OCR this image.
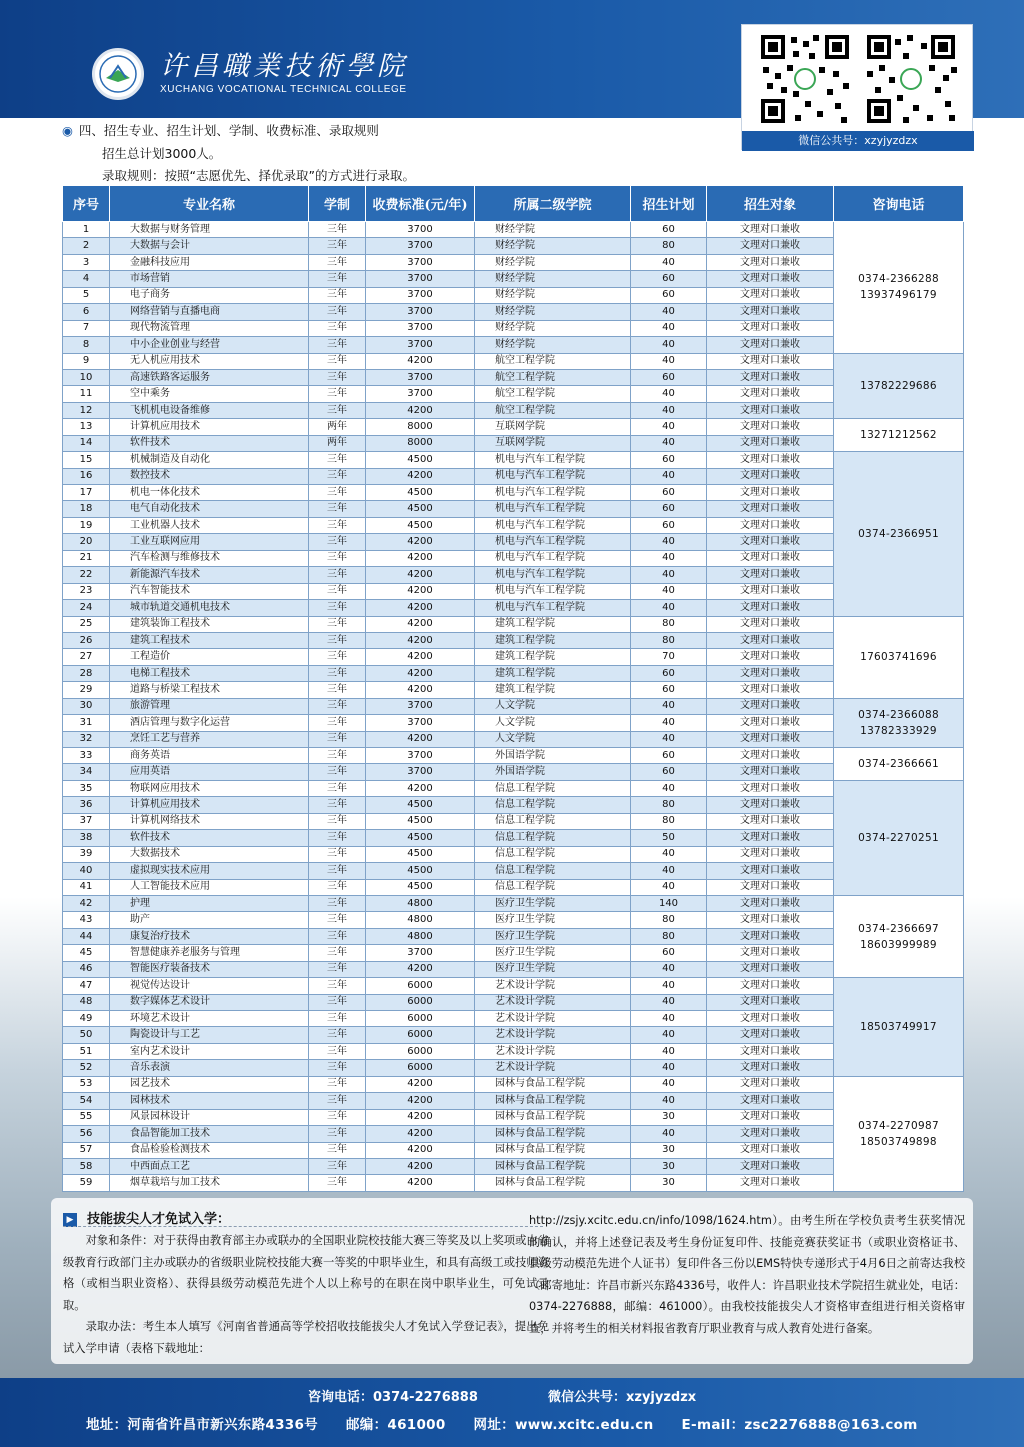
许昌職業技術學院
XUCHANG VOCATIONAL TECHNICAL COLLEGE
微信公共号：xzyjyzdzx
◉ 四、招生专业、招生计划、学制、收费标准、录取规则
招生总计划3000人。
录取规则：按照“志愿优先、择优录取”的方式进行录取。
序号	专业名称	学制	收费标准(元/年)	所属二级学院	招生计划	招生对象	咨询电话
1	大数据与财务管理	三年	3700	财经学院	60	文理对口兼收	0374-2366288
13937496179

2	大数据与会计	三年	3700	财经学院	80	文理对口兼收	
3	金融科技应用	三年	3700	财经学院	40	文理对口兼收	
4	市场营销	三年	3700	财经学院	60	文理对口兼收	
5	电子商务	三年	3700	财经学院	60	文理对口兼收	
6	网络营销与直播电商	三年	3700	财经学院	40	文理对口兼收	
7	现代物流管理	三年	3700	财经学院	40	文理对口兼收	
8	中小企业创业与经营	三年	3700	财经学院	40	文理对口兼收	
9	无人机应用技术	三年	4200	航空工程学院	40	文理对口兼收	13782229686

10	高速铁路客运服务	三年	3700	航空工程学院	60	文理对口兼收	
11	空中乘务	三年	3700	航空工程学院	40	文理对口兼收	
12	飞机机电设备维修	三年	4200	航空工程学院	40	文理对口兼收	
13	计算机应用技术	两年	8000	互联网学院	40	文理对口兼收	13271212562

14	软件技术	两年	8000	互联网学院	40	文理对口兼收	
15	机械制造及自动化	三年	4500	机电与汽车工程学院	60	文理对口兼收	0374-2366951

16	数控技术	三年	4200	机电与汽车工程学院	40	文理对口兼收	
17	机电一体化技术	三年	4500	机电与汽车工程学院	60	文理对口兼收	
18	电气自动化技术	三年	4500	机电与汽车工程学院	60	文理对口兼收	
19	工业机器人技术	三年	4500	机电与汽车工程学院	60	文理对口兼收	
20	工业互联网应用	三年	4200	机电与汽车工程学院	40	文理对口兼收	
21	汽车检测与维修技术	三年	4200	机电与汽车工程学院	40	文理对口兼收	
22	新能源汽车技术	三年	4200	机电与汽车工程学院	40	文理对口兼收	
23	汽车智能技术	三年	4200	机电与汽车工程学院	40	文理对口兼收	
24	城市轨道交通机电技术	三年	4200	机电与汽车工程学院	40	文理对口兼收	
25	建筑装饰工程技术	三年	4200	建筑工程学院	80	文理对口兼收	17603741696

26	建筑工程技术	三年	4200	建筑工程学院	80	文理对口兼收	
27	工程造价	三年	4200	建筑工程学院	70	文理对口兼收	
28	电梯工程技术	三年	4200	建筑工程学院	60	文理对口兼收	
29	道路与桥梁工程技术	三年	4200	建筑工程学院	60	文理对口兼收	
30	旅游管理	三年	3700	人文学院	40	文理对口兼收	0374-2366088
13782333929

31	酒店管理与数字化运营	三年	3700	人文学院	40	文理对口兼收	
32	烹饪工艺与营养	三年	4200	人文学院	40	文理对口兼收	
33	商务英语	三年	3700	外国语学院	60	文理对口兼收	0374-2366661

34	应用英语	三年	3700	外国语学院	60	文理对口兼收	
35	物联网应用技术	三年	4200	信息工程学院	40	文理对口兼收	0374-2270251

36	计算机应用技术	三年	4500	信息工程学院	80	文理对口兼收	
37	计算机网络技术	三年	4500	信息工程学院	80	文理对口兼收	
38	软件技术	三年	4500	信息工程学院	50	文理对口兼收	
39	大数据技术	三年	4500	信息工程学院	40	文理对口兼收	
40	虚拟现实技术应用	三年	4500	信息工程学院	40	文理对口兼收	
41	人工智能技术应用	三年	4500	信息工程学院	40	文理对口兼收	
42	护理	三年	4800	医疗卫生学院	140	文理对口兼收	0374-2366697
18603999989

43	助产	三年	4800	医疗卫生学院	80	文理对口兼收	
44	康复治疗技术	三年	4800	医疗卫生学院	80	文理对口兼收	
45	智慧健康养老服务与管理	三年	3700	医疗卫生学院	60	文理对口兼收	
46	智能医疗装备技术	三年	4200	医疗卫生学院	40	文理对口兼收	
47	视觉传达设计	三年	6000	艺术设计学院	40	文理对口兼收	18503749917

48	数字媒体艺术设计	三年	6000	艺术设计学院	40	文理对口兼收	
49	环境艺术设计	三年	6000	艺术设计学院	40	文理对口兼收	
50	陶瓷设计与工艺	三年	6000	艺术设计学院	40	文理对口兼收	
51	室内艺术设计	三年	6000	艺术设计学院	40	文理对口兼收	
52	音乐表演	三年	6000	艺术设计学院	40	文理对口兼收	
53	园艺技术	三年	4200	园林与食品工程学院	40	文理对口兼收	0374-2270987
18503749898

54	园林技术	三年	4200	园林与食品工程学院	40	文理对口兼收	
55	风景园林设计	三年	4200	园林与食品工程学院	30	文理对口兼收	
56	食品智能加工技术	三年	4200	园林与食品工程学院	40	文理对口兼收	
57	食品检验检测技术	三年	4200	园林与食品工程学院	30	文理对口兼收	
58	中西面点工艺	三年	4200	园林与食品工程学院	30	文理对口兼收	
59	烟草栽培与加工技术	三年	4200	园林与食品工程学院	30	文理对口兼收	
▶ 技能拔尖人才免试入学：

对象和条件：对于获得由教育部主办或联办的全国职业院校技能大赛三等奖及以上奖项或由省级教育行政部门主办或联办的省级职业院校技能大赛一等奖的中职毕业生，和具有高级工或技师资格（或相当职业资格）、获得县级劳动模范先进个人以上称号的在职在岗中职毕业生，可免试录取。

录取办法：考生本人填写《河南省普通高等学校招收技能拔尖人才免试入学登记表》，提出免试入学申请（表格下载地址：

http://zsjy.xcitc.edu.cn/info/1098/1624.htm）。由考生所在学校负责考生获奖情况的确认，并将上述登记表及考生身份证复印件、技能竞赛获奖证书（或职业资格证书、县级劳动模范先进个人证书）复印件各三份以EMS特快专递形式于4月6日之前寄达我校（邮寄地址：许昌市新兴东路4336号，收件人：许昌职业技术学院招生就业处，电话：0374-2276888，邮编：461000）。由我校技能拔尖人才资格审查组进行相关资格审查，并将考生的相关材料报省教育厅职业教育与成人教育处进行备案。

咨询电话：0374-2276888	微信公共号：xzyjyzdzx
地址：河南省许昌市新兴东路4336号 邮编：461000 网址：www.xcitc.edu.cn E-mail：zsc2276888@163.com
